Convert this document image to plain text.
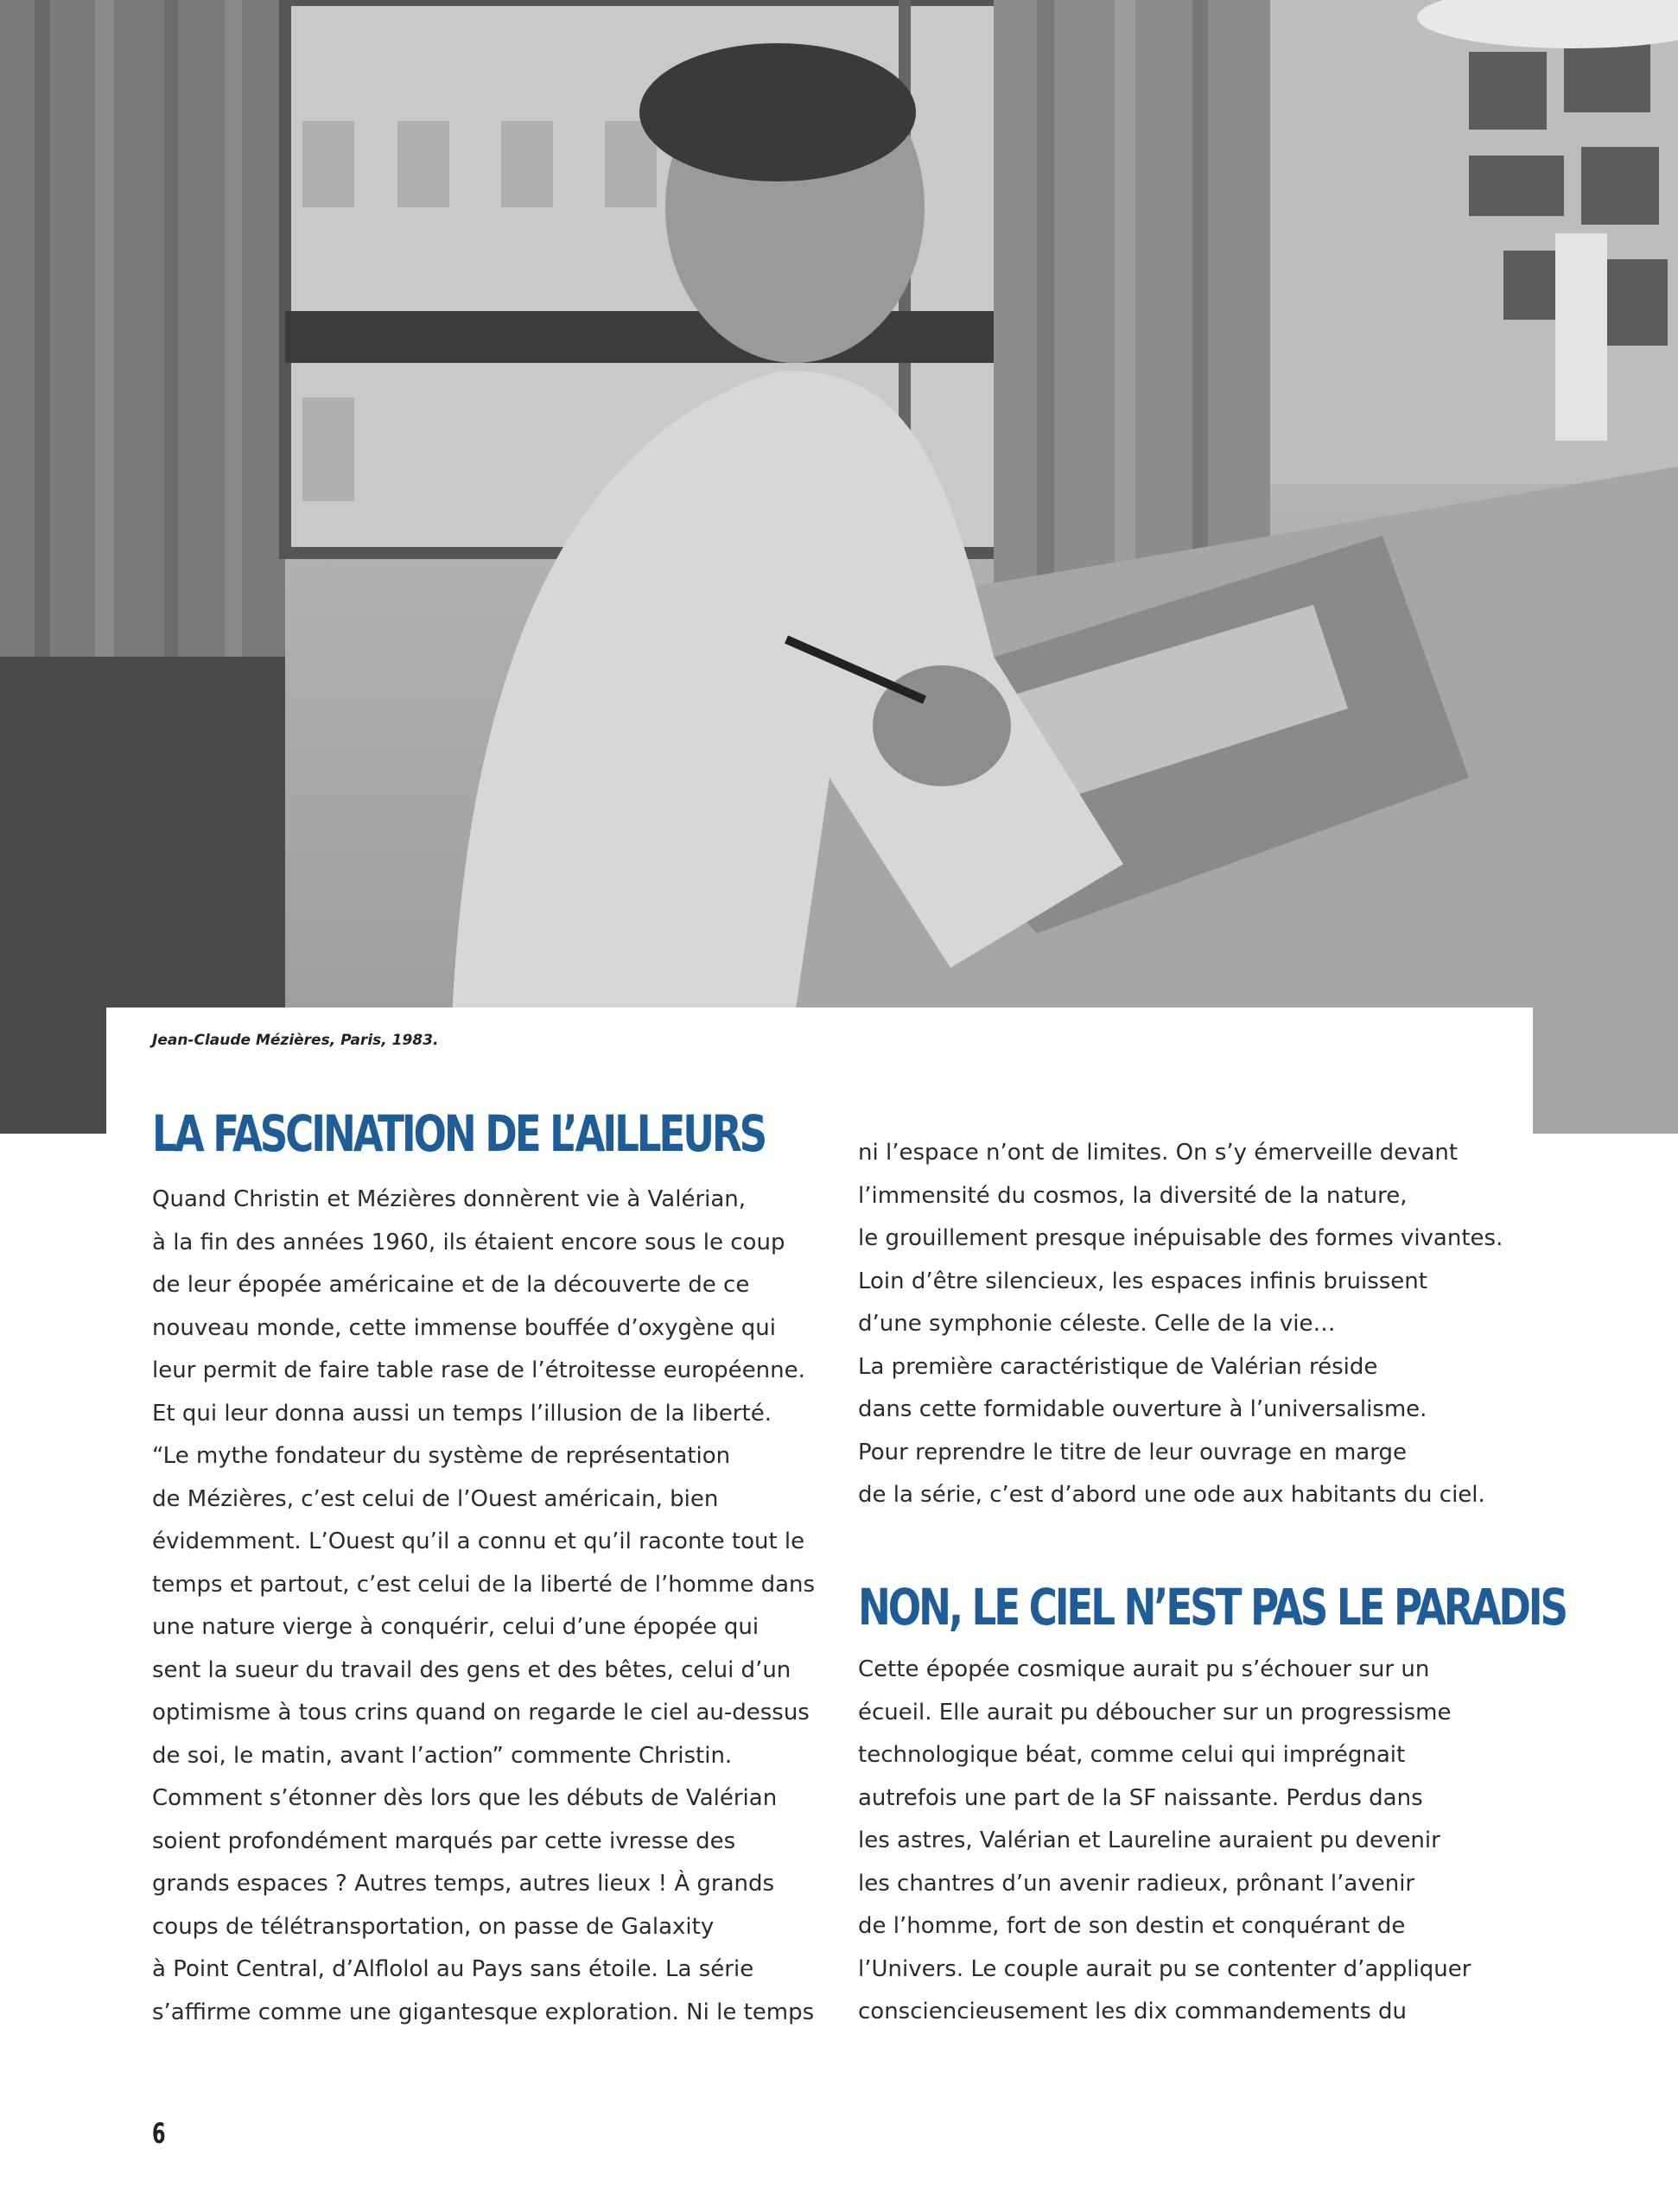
Jean-Claude Mézières, Paris, 1983.
LA FASCINATION DE L’AILLEURS
Quand Christin et Mézières donnèrent vie à Valérian,
à la fin des années 1960, ils étaient encore sous le coup
de leur épopée américaine et de la découverte de ce
nouveau monde, cette immense bouffée d’oxygène qui
leur permit de faire table rase de l’étroitesse européenne.
Et qui leur donna aussi un temps l’illusion de la liberté.
“Le mythe fondateur du système de représentation
de Mézières, c’est celui de l’Ouest américain, bien
évidemment. L’Ouest qu’il a connu et qu’il raconte tout le
temps et partout, c’est celui de la liberté de l’homme dans
une nature vierge à conquérir, celui d’une épopée qui
sent la sueur du travail des gens et des bêtes, celui d’un
optimisme à tous crins quand on regarde le ciel au-dessus
de soi, le matin, avant l’action” commente Christin.
Comment s’étonner dès lors que les débuts de Valérian
soient profondément marqués par cette ivresse des
grands espaces ? Autres temps, autres lieux ! À grands
coups de télétransportation, on passe de Galaxity
à Point Central, d’Alflolol au Pays sans étoile. La série
s’affirme comme une gigantesque exploration. Ni le temps
ni l’espace n’ont de limites. On s’y émerveille devant
l’immensité du cosmos, la diversité de la nature,
le grouillement presque inépuisable des formes vivantes.
Loin d’être silencieux, les espaces infinis bruissent
d’une symphonie céleste. Celle de la vie…
La première caractéristique de Valérian réside
dans cette formidable ouverture à l’universalisme.
Pour reprendre le titre de leur ouvrage en marge
de la série, c’est d’abord une ode aux habitants du ciel.
NON, LE CIEL N’EST PAS LE PARADIS
Cette épopée cosmique aurait pu s’échouer sur un
écueil. Elle aurait pu déboucher sur un progressisme
technologique béat, comme celui qui imprégnait
autrefois une part de la SF naissante. Perdus dans
les astres, Valérian et Laureline auraient pu devenir
les chantres d’un avenir radieux, prônant l’avenir
de l’homme, fort de son destin et conquérant de
l’Univers. Le couple aurait pu se contenter d’appliquer
consciencieusement les dix commandements du
6
